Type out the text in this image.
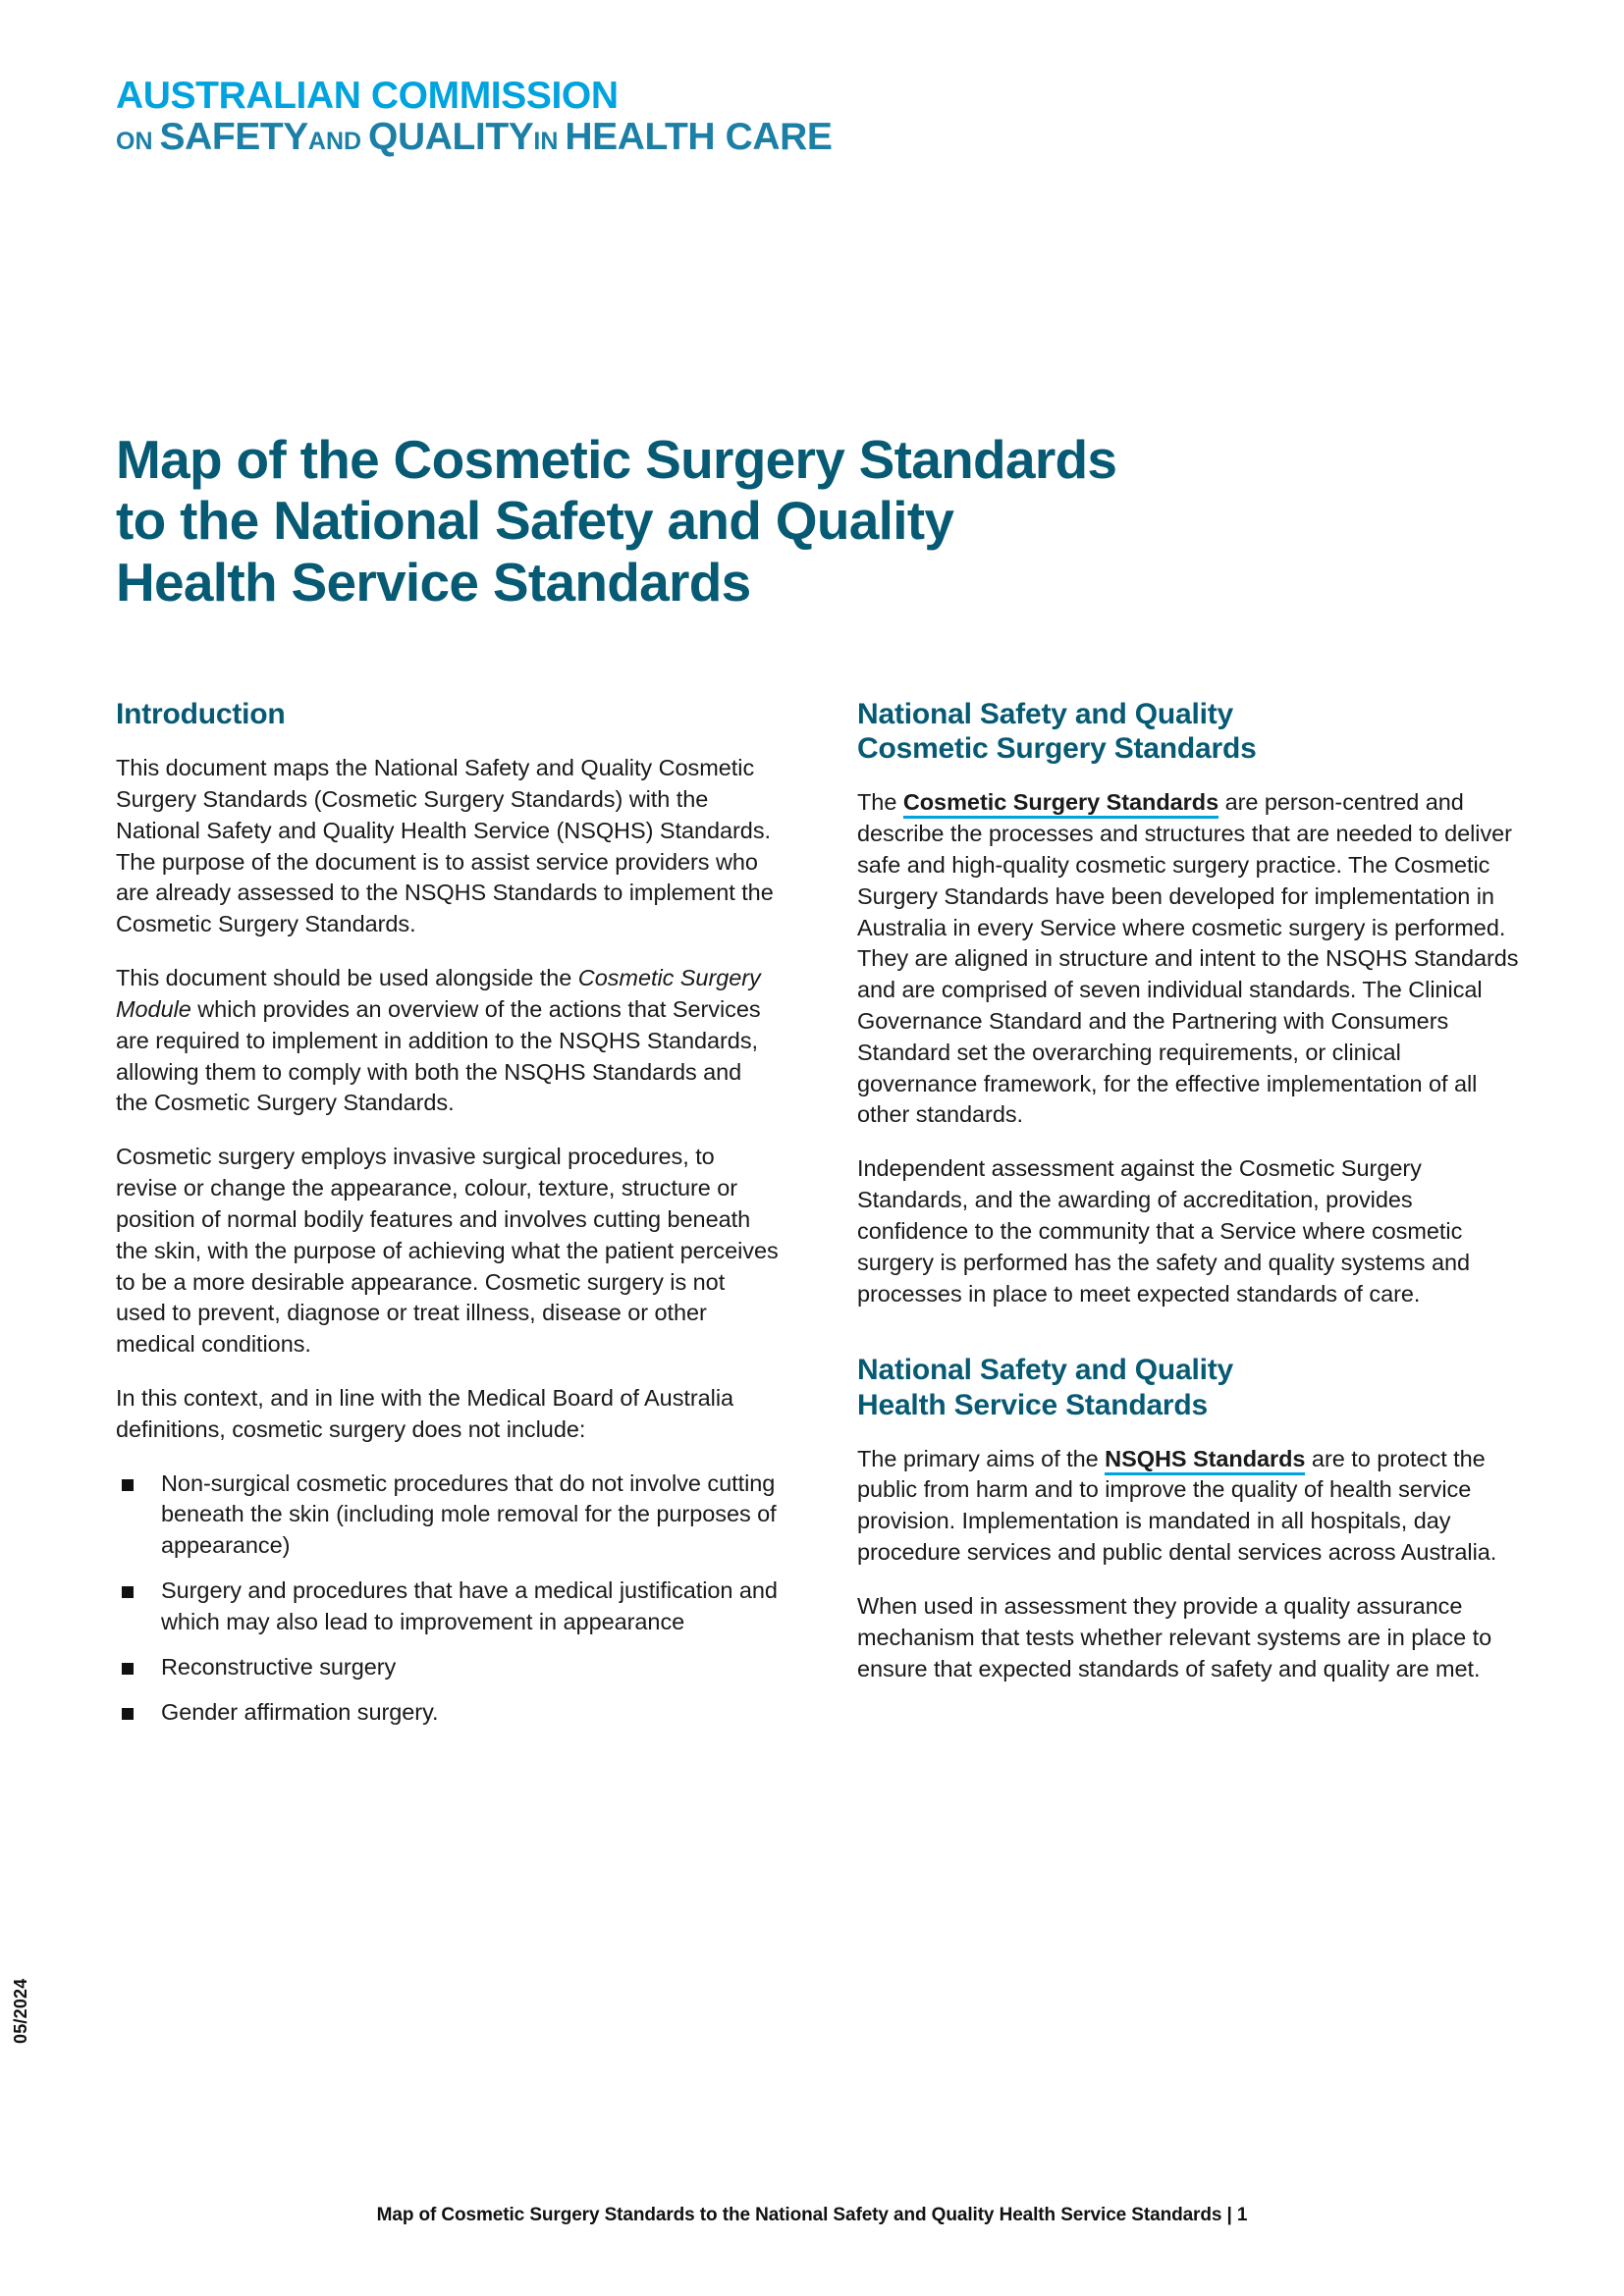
AUSTRALIAN COMMISSION
ON SAFETYAND QUALITYIN HEALTH CARE
Map of the Cosmetic Surgery Standards
to the National Safety and Quality
Health Service Standards
Introduction

This document maps the National Safety and Quality Cosmetic Surgery Standards (Cosmetic Surgery Standards) with the National Safety and Quality Health Service (NSQHS) Standards. The purpose of the document is to assist service providers who are already assessed to the NSQHS Standards to implement the Cosmetic Surgery Standards.

This document should be used alongside the Cosmetic Surgery Module which provides an overview of the actions that Services are required to implement in addition to the NSQHS Standards, allowing them to comply with both the NSQHS Standards and the Cosmetic Surgery Standards.

Cosmetic surgery employs invasive surgical procedures, to revise or change the appearance, colour, texture, structure or position of normal bodily features and involves cutting beneath the skin, with the purpose of achieving what the patient perceives to be a more desirable appearance. Cosmetic surgery is not used to prevent, diagnose or treat illness, disease or other medical conditions.

In this context, and in line with the Medical Board of Australia definitions, cosmetic surgery does not include:

Non-surgical cosmetic procedures that do not involve cutting beneath the skin (including mole removal for the purposes of appearance)
Surgery and procedures that have a medical justification and which may also lead to improvement in appearance
Reconstructive surgery
Gender affirmation surgery.
National Safety and Quality
Cosmetic Surgery Standards

The Cosmetic Surgery Standards are person-centred and describe the processes and structures that are needed to deliver safe and high-quality cosmetic surgery practice. The Cosmetic Surgery Standards have been developed for implementation in Australia in every Service where cosmetic surgery is performed. They are aligned in structure and intent to the NSQHS Standards and are comprised of seven individual standards. The Clinical Governance Standard and the Partnering with Consumers Standard set the overarching requirements, or clinical governance framework, for the effective implementation of all other standards.

Independent assessment against the Cosmetic Surgery Standards, and the awarding of accreditation, provides confidence to the community that a Service where cosmetic surgery is performed has the safety and quality systems and processes in place to meet expected standards of care.

National Safety and Quality
Health Service Standards

The primary aims of the NSQHS Standards are to protect the public from harm and to improve the quality of health service provision. Implementation is mandated in all hospitals, day procedure services and public dental services across Australia.

When used in assessment they provide a quality assurance mechanism that tests whether relevant systems are in place to ensure that expected standards of safety and quality are met.

05/2024
Map of Cosmetic Surgery Standards to the National Safety and Quality Health Service Standards | 1
